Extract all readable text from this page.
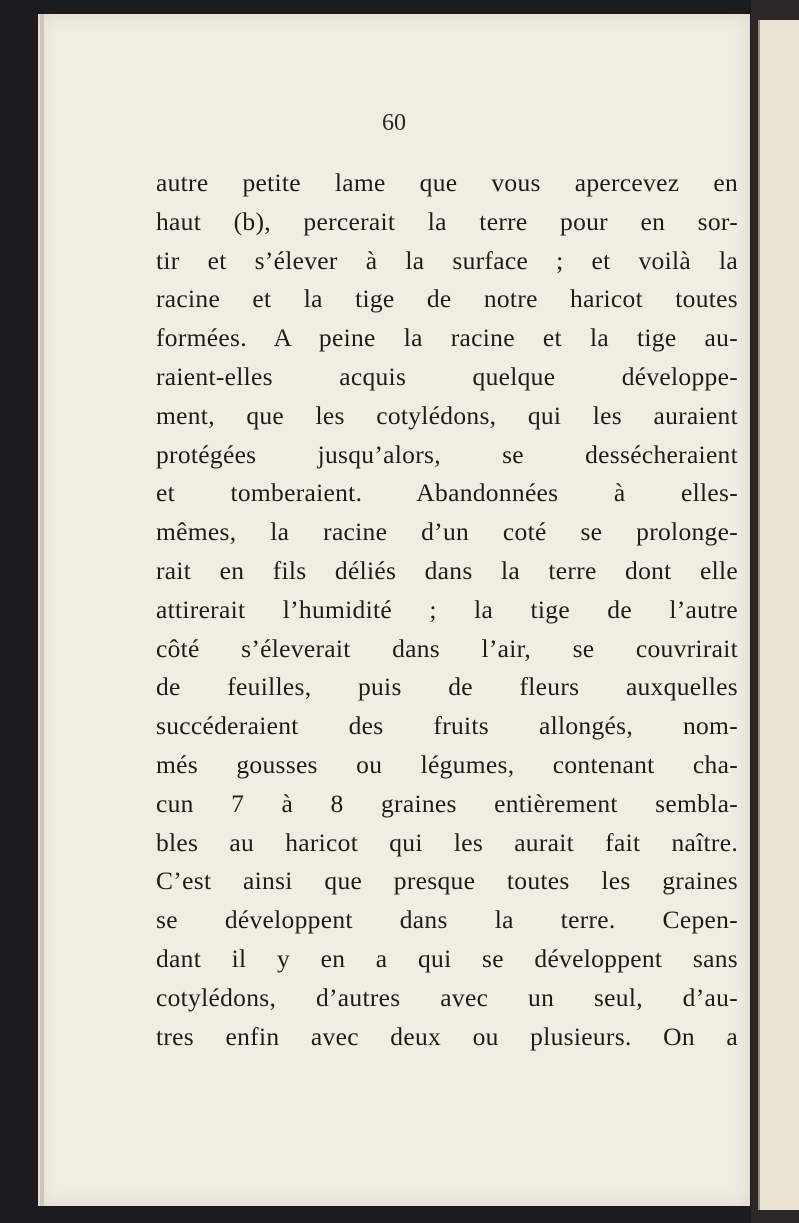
60
autre petite lame que vous apercevez en
haut (b), percerait la terre pour en sor-
tir et s’élever à la surface ; et voilà la
racine et la tige de notre haricot toutes
formées. A peine la racine et la tige au-
raient-elles acquis quelque développe-
ment, que les cotylédons, qui les auraient
protégées jusqu’alors, se dessécheraient
et tomberaient. Abandonnées à elles-
mêmes, la racine d’un coté se prolonge-
rait en fils déliés dans la terre dont elle
attirerait l’humidité ; la tige de l’autre
côté s’éleverait dans l’air, se couvrirait
de feuilles, puis de fleurs auxquelles
succéderaient des fruits allongés, nom-
més gousses ou légumes, contenant cha-
cun 7 à 8 graines entièrement sembla-
bles au haricot qui les aurait fait naître.
C’est ainsi que presque toutes les graines
se développent dans la terre. Cepen-
dant il y en a qui se développent sans
cotylédons, d’autres avec un seul, d’au-
tres enfin avec deux ou plusieurs. On a
